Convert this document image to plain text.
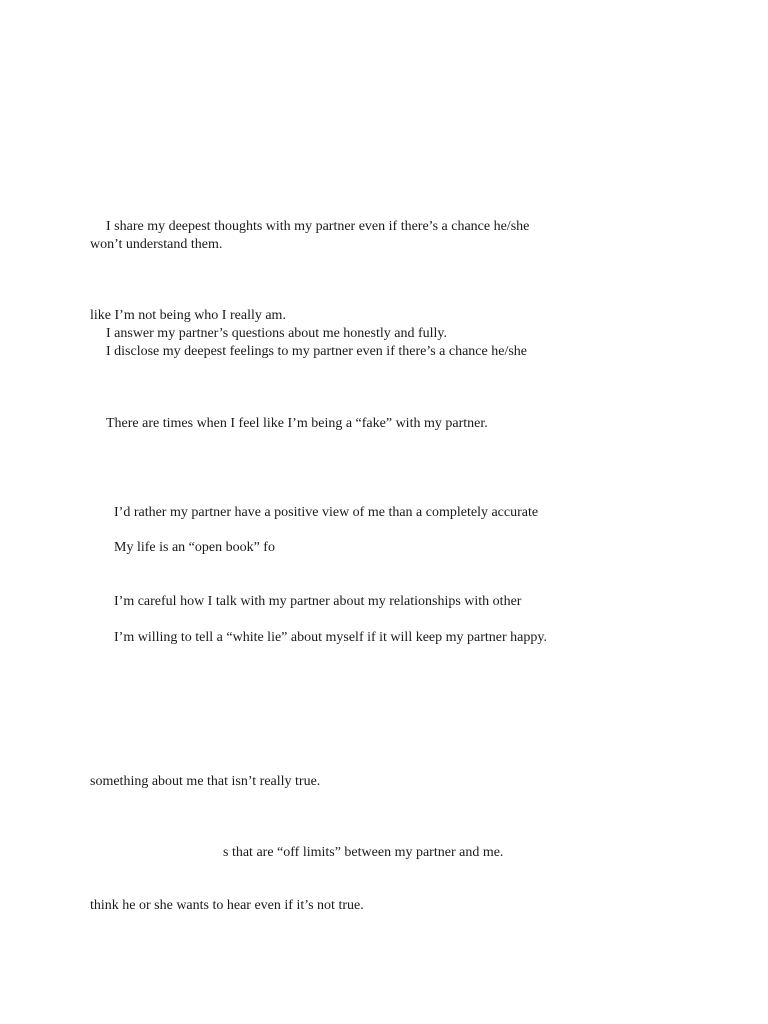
I share my deepest thoughts with my partner even if there’s a chance he/she
won’t understand them.
like I’m not being who I really am.
I answer my partner’s questions about me honestly and fully.
I disclose my deepest feelings to my partner even if there’s a chance he/she
There are times when I feel like I’m being a “fake” with my partner.
I’d rather my partner have a positive view of me than a completely accurate
My life is an “open book” fo
I’m careful how I talk with my partner about my relationships with other
I’m willing to tell a “white lie” about myself if it will keep my partner happy.
something about me that isn’t really true.
s that are “off limits” between my partner and me.
think he or she wants to hear even if it’s not true.
